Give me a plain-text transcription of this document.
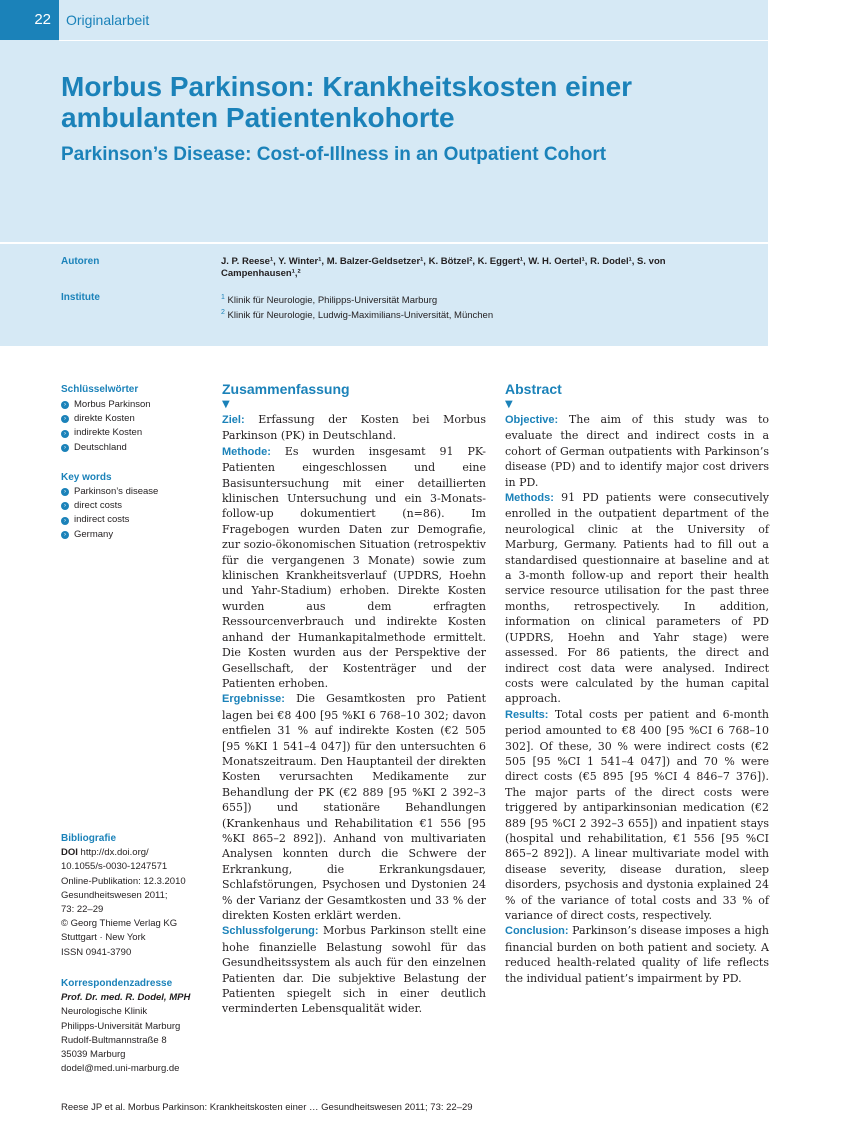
22	Originalarbeit
Morbus Parkinson: Krankheitskosten einer ambulanten Patientenkohorte
Parkinson’s Disease: Cost-of-Illness in an Outpatient Cohort
Autoren	J. P. Reese¹, Y. Winter¹, M. Balzer-Geldsetzer¹, K. Bötzel², K. Eggert¹, W. H. Oertel¹, R. Dodel¹, S. von Campenhausen¹,²
Institute	$^1$ Klinik für Neurologie, Philipps-Universität Marburg
$^2$ Klinik für Neurologie, Ludwig-Maximilians-Universität, München
Schlüsselwörter
› Morbus Parkinson
› direkte Kosten
› indirekte Kosten
› Deutschland
Key words
› Parkinson’s disease
› direct costs
› indirect costs
› Germany
Bibliografie
DOI http://dx.doi.org/
10.1055/s-0030-1247571
Online-Publikation: 12.3.2010
Gesundheitswesen 2011;
73: 22–29
© Georg Thieme Verlag KG
Stuttgart · New York
ISSN 0941-3790
Korrespondenzadresse
Prof. Dr. med. R. Dodel, MPH
Neurologische Klinik
Philipps-Universität Marburg
Rudolf-Bultmannstraße 8
35039 Marburg
dodel@med.uni-marburg.de
Zusammenfassung
▼

Ziel: Erfassung der Kosten bei Morbus Parkinson (PK) in Deutschland.

Methode: Es wurden insgesamt 91 PK-Patienten eingeschlossen und eine Basisuntersuchung mit einer detaillierten klinischen Untersuchung und ein 3-Monats-follow-up dokumentiert (n=86). Im Fragebogen wurden Daten zur Demografie, zur sozio-ökonomischen Situation (retrospektiv für die vergangenen 3 Monate) sowie zum klinischen Krankheitsverlauf (UPDRS, Hoehn und Yahr-Stadium) erhoben. Direkte Kosten wurden aus dem erfragten Ressourcenverbrauch und indirekte Kosten anhand der Humankapitalmethode ermittelt. Die Kosten wurden aus der Perspektive der Gesellschaft, der Kostenträger und der Patienten erhoben.

Ergebnisse: Die Gesamtkosten pro Patient lagen bei €8 400 [95 %KI 6 768–10 302; davon entfielen 31 % auf indirekte Kosten (€2 505 [95 %KI 1 541–4 047]) für den untersuchten 6 Monatszeitraum. Den Hauptanteil der direkten Kosten verursachten Medikamente zur Behandlung der PK (€2 889 [95 %KI 2 392–3 655]) und stationäre Behandlungen (Krankenhaus und Rehabilitation €1 556 [95 %KI 865–2 892]). Anhand von multivariaten Analysen konnten durch die Schwere der Erkrankung, die Erkrankungsdauer, Schlafstörungen, Psychosen und Dystonien 24 % der Varianz der Gesamtkosten und 33 % der direkten Kosten erklärt werden.

Schlussfolgerung: Morbus Parkinson stellt eine hohe finanzielle Belastung sowohl für das Gesundheitssystem als auch für den einzelnen Patienten dar. Die subjektive Belastung der Patienten spiegelt sich in einer deutlich verminderten Lebensqualität wider.

Abstract
▼

Objective: The aim of this study was to evaluate the direct and indirect costs in a cohort of German outpatients with Parkinson’s disease (PD) and to identify major cost drivers in PD.

Methods: 91 PD patients were consecutively enrolled in the outpatient department of the neurological clinic at the University of Marburg, Germany. Patients had to fill out a standardised questionnaire at baseline and at a 3-month follow-up and report their health service resource utilisation for the past three months, retrospectively. In addition, information on clinical parameters of PD (UPDRS, Hoehn and Yahr stage) were assessed. For 86 patients, the direct and indirect cost data were analysed. Indirect costs were calculated by the human capital approach.

Results: Total costs per patient and 6-month period amounted to €8 400 [95 %CI 6 768–10 302]. Of these, 30 % were indirect costs (€2 505 [95 %CI 1 541–4 047]) and 70 % were direct costs (€5 895 [95 %CI 4 846–7 376]). The major parts of the direct costs were triggered by antiparkinsonian medication (€2 889 [95 %CI 2 392–3 655]) and inpatient stays (hospital und rehabilitation, €1 556 [95 %CI 865–2 892]). A linear multivariate model with disease severity, disease duration, sleep disorders, psychosis and dystonia explained 24 % of the variance of total costs and 33 % of variance of direct costs, respectively.

Conclusion: Parkinson’s disease imposes a high financial burden on both patient and society. A reduced health-related quality of life reflects the individual patient’s impairment by PD.

Reese JP et al. Morbus Parkinson: Krankheitskosten einer … Gesundheitswesen 2011; 73: 22–29
